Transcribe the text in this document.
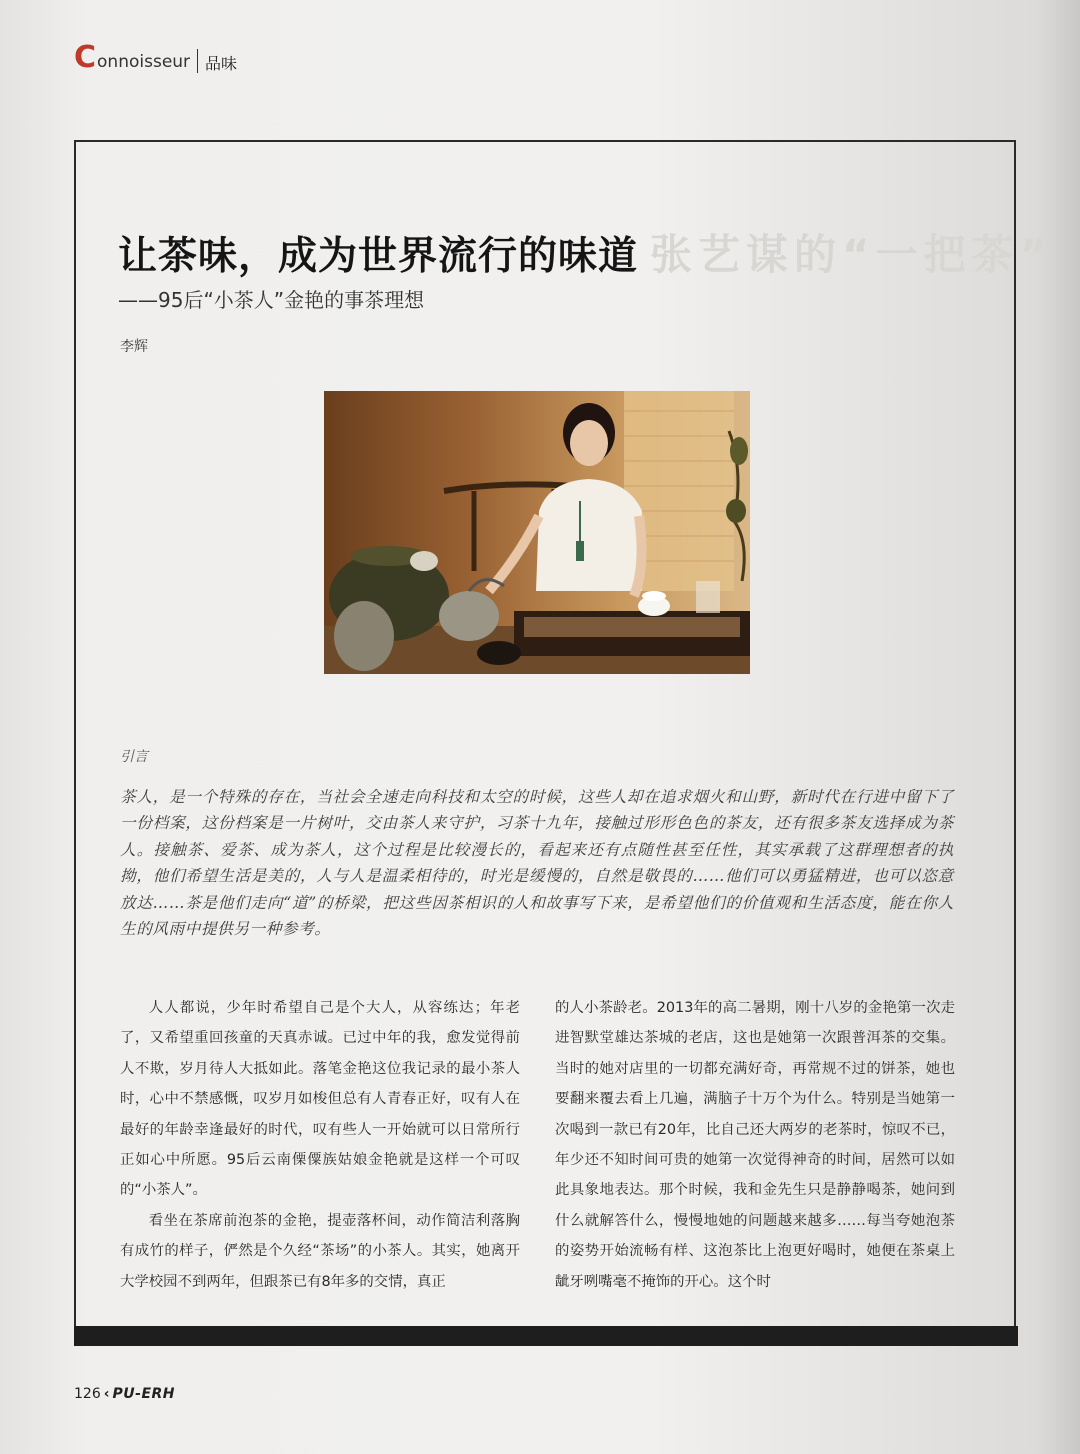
张艺谋的“一把茶”
C onnoisseur 品味
让茶味，成为世界流行的味道
——95后“小茶人”金艳的事茶理想
李辉
引言
茶人，是一个特殊的存在，当社会全速走向科技和太空的时候，这些人却在追求烟火和山野，新时代在行进中留下了一份档案，这份档案是一片树叶，交由茶人来守护，习茶十九年，接触过形形色色的茶友，还有很多茶友选择成为茶人。接触茶、爱茶、成为茶人，这个过程是比较漫长的，看起来还有点随性甚至任性，其实承载了这群理想者的执拗，他们希望生活是美的，人与人是温柔相待的，时光是缓慢的，自然是敬畏的……他们可以勇猛精进，也可以恣意放达……茶是他们走向“道”的桥梁，把这些因茶相识的人和故事写下来，是希望他们的价值观和生活态度，能在你人生的风雨中提供另一种参考。

人人都说，少年时希望自己是个大人，从容练达；年老了，又希望重回孩童的天真赤诚。已过中年的我，愈发觉得前人不欺，岁月待人大抵如此。落笔金艳这位我记录的最小茶人时，心中不禁感慨，叹岁月如梭但总有人青春正好，叹有人在最好的年龄幸逢最好的时代，叹有些人一开始就可以日常所行正如心中所愿。95后云南傈僳族姑娘金艳就是这样一个可叹的“小茶人”。

看坐在茶席前泡茶的金艳，提壶落杯间，动作简洁利落胸有成竹的样子，俨然是个久经“茶场”的小茶人。其实，她离开大学校园不到两年，但跟茶已有8年多的交情，真正

的人小茶龄老。2013年的高二暑期，刚十八岁的金艳第一次走进智默堂雄达茶城的老店，这也是她第一次跟普洱茶的交集。当时的她对店里的一切都充满好奇，再常规不过的饼茶，她也要翻来覆去看上几遍，满脑子十万个为什么。特别是当她第一次喝到一款已有20年，比自己还大两岁的老茶时，惊叹不已，年少还不知时间可贵的她第一次觉得神奇的时间，居然可以如此具象地表达。那个时候，我和金先生只是静静喝茶，她问到什么就解答什么，慢慢地她的问题越来越多……每当夸她泡茶的姿势开始流畅有样、这泡茶比上泡更好喝时，她便在茶桌上龇牙咧嘴毫不掩饰的开心。这个时

126 ‹ PU-ERH
